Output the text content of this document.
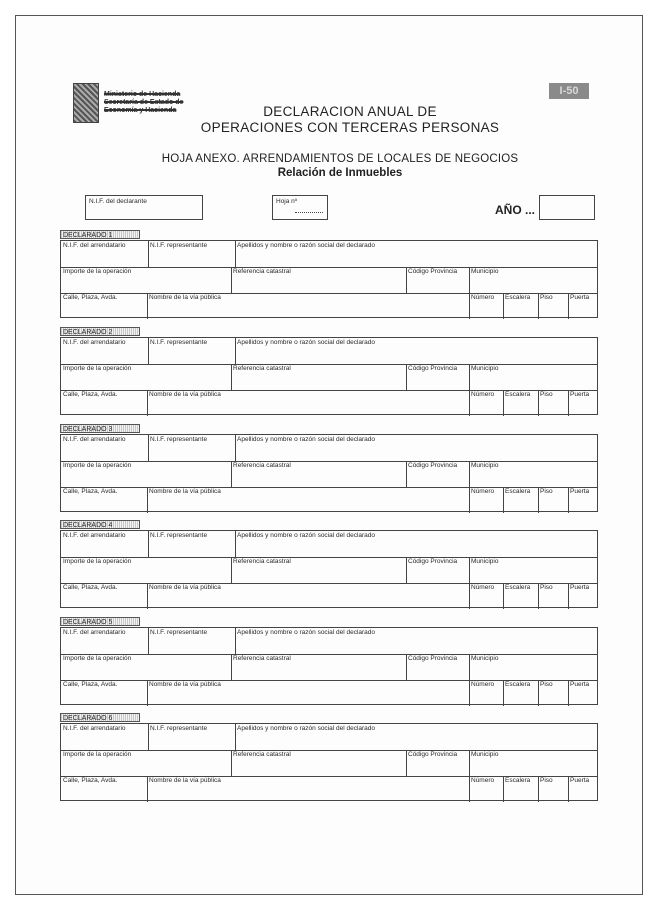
Ministerio de Hacienda
Secretaría de Estado de
Economía y Hacienda
I-50
DECLARACION ANUAL DE
OPERACIONES CON TERCERAS PERSONAS
HOJA ANEXO. ARRENDAMIENTOS DE LOCALES DE NEGOCIOS
Relación de Inmuebles
N.I.F. del declarante	Hoja nº
AÑO ...
DECLARADO 1
N.I.F. del arrendatario	N.I.F. representante	Apellidos y nombre o razón social del declarado
Importe de la operación	Referencia catastral	Código Provincia	Municipio
Calle, Plaza, Avda.	Nombre de la vía pública	Número	Escalera	Piso	Puerta
DECLARADO 2
N.I.F. del arrendatario	N.I.F. representante	Apellidos y nombre o razón social del declarado
Importe de la operación	Referencia catastral	Código Provincia	Municipio
Calle, Plaza, Avda.	Nombre de la vía pública	Número	Escalera	Piso	Puerta
DECLARADO 3
N.I.F. del arrendatario	N.I.F. representante	Apellidos y nombre o razón social del declarado
Importe de la operación	Referencia catastral	Código Provincia	Municipio
Calle, Plaza, Avda.	Nombre de la vía pública	Número	Escalera	Piso	Puerta
DECLARADO 4
N.I.F. del arrendatario	N.I.F. representante	Apellidos y nombre o razón social del declarado
Importe de la operación	Referencia catastral	Código Provincia	Municipio
Calle, Plaza, Avda.	Nombre de la vía pública	Número	Escalera	Piso	Puerta
DECLARADO 5
N.I.F. del arrendatario	N.I.F. representante	Apellidos y nombre o razón social del declarado
Importe de la operación	Referencia catastral	Código Provincia	Municipio
Calle, Plaza, Avda.	Nombre de la vía pública	Número	Escalera	Piso	Puerta
DECLARADO 6
N.I.F. del arrendatario	N.I.F. representante	Apellidos y nombre o razón social del declarado
Importe de la operación	Referencia catastral	Código Provincia	Municipio
Calle, Plaza, Avda.	Nombre de la vía pública	Número	Escalera	Piso	Puerta
